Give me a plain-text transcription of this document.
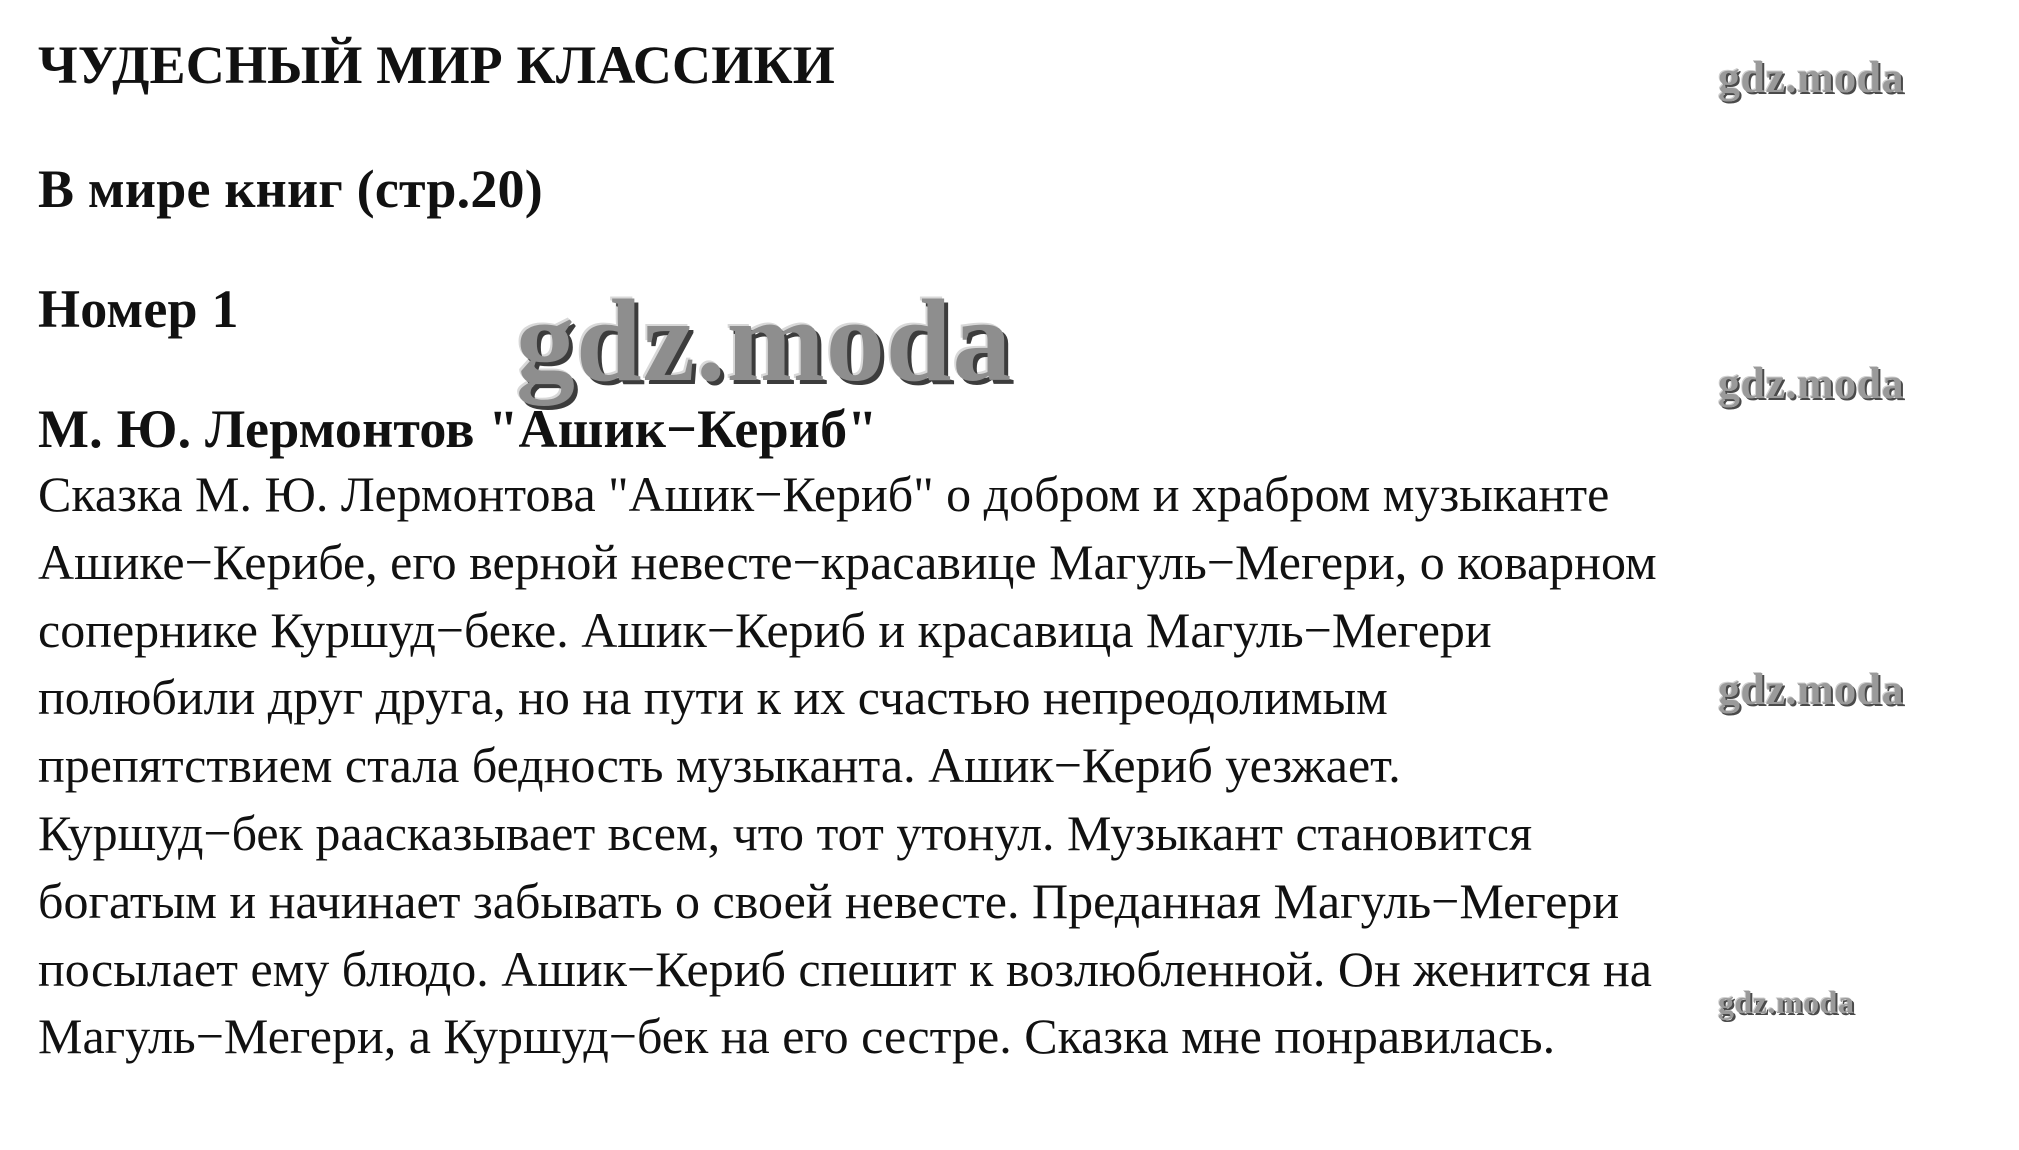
ЧУДЕСНЫЙ МИР КЛАССИКИ
В мире книг (стр.20)
Номер 1
М. Ю. Лермонтов "Ашик−Кериб"

Сказка М. Ю. Лермонтова "Ашик−Кериб" о добром и храбром музыканте
Ашике−Керибе, его верной невесте−красавице Магуль−Мегери, о коварном
сопернике Куршуд−беке. Ашик−Кериб и красавица Магуль−Мегери
полюбили друг друга, но на пути к их счастью непреодолимым
препятствием стала бедность музыканта. Ашик−Кериб уезжает.
Куршуд−бек раасказывает всем, что тот утонул. Музыкант становится
богатым и начинает забывать о своей невесте. Преданная Магуль−Мегери
посылает ему блюдо. Ашик−Кериб спешит к возлюбленной. Он женится на
Магуль−Мегери, а Куршуд−бек на его сестре. Сказка мне понравилась.

gdz.moda
gdz.moda	gdz.moda
gdz.moda
gdz.moda
